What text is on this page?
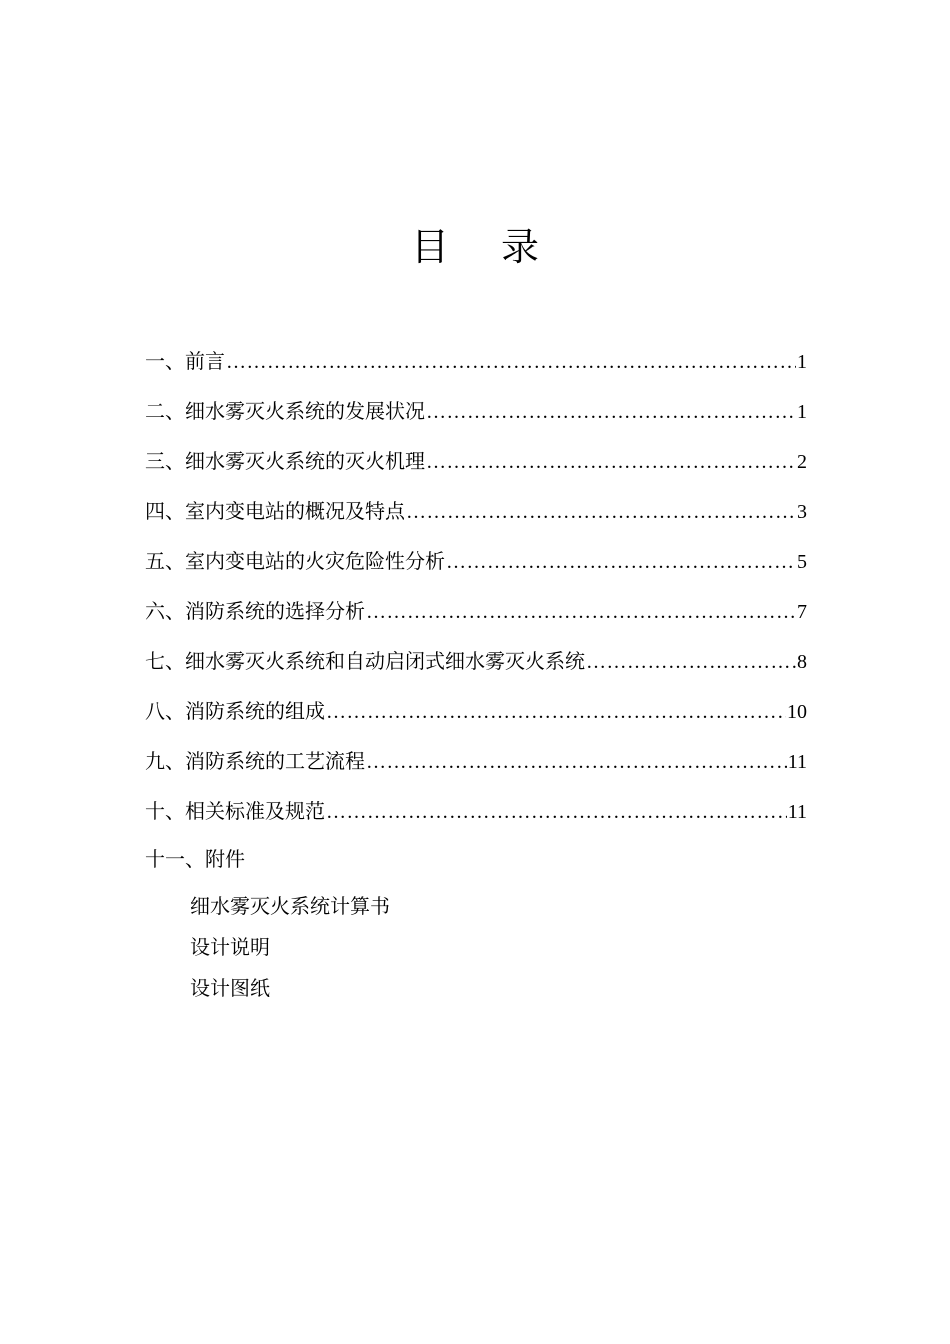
目 录
一、前言 ……………………………………………………………………………………………………………………………………………………………………	1
二、细水雾灭火系统的发展状况 ……………………………………………………………………………………………………………………………………………………………………	1
三、细水雾灭火系统的灭火机理 ……………………………………………………………………………………………………………………………………………………………………	2
四、室内变电站的概况及特点 ……………………………………………………………………………………………………………………………………………………………………	3
五、室内变电站的火灾危险性分析 ……………………………………………………………………………………………………………………………………………………………………	5
六、消防系统的选择分析 ……………………………………………………………………………………………………………………………………………………………………	7
七、细水雾灭火系统和自动启闭式细水雾灭火系统 ……………………………………………………………………………………………………………………………………………………………………	8
八、消防系统的组成 ……………………………………………………………………………………………………………………………………………………………………	10
九、消防系统的工艺流程 ……………………………………………………………………………………………………………………………………………………………………	11
十、相关标准及规范 ……………………………………………………………………………………………………………………………………………………………………	11
十一、附件
细水雾灭火系统计算书
设计说明
设计图纸
